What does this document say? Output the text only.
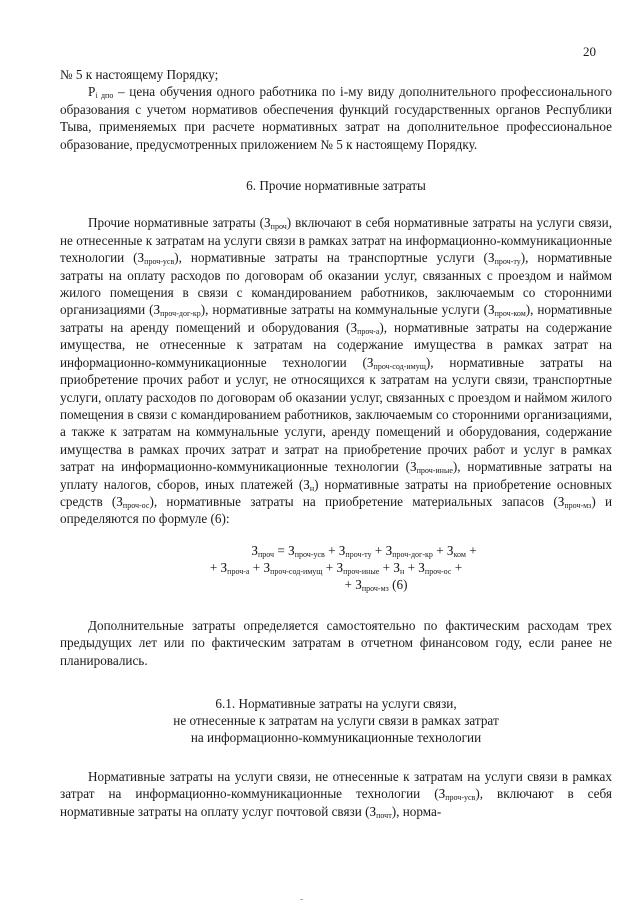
20

№ 5 к настоящему Порядку;

$P_{i дпо}$ – цена обучения одного работника по i-му виду дополнительного профессионального образования с учетом нормативов обеспечения функций государственных органов Республики Тыва, применяемых при расчете нормативных затрат на дополнительное профессиональное образование, предусмотренных приложением № 5 к настоящему Порядку.

6. Прочие нормативные затраты

Прочие нормативные затраты $(З_{проч})$ включают в себя нормативные затраты на услуги связи, не отнесенные к затратам на услуги связи в рамках затрат на информационно-коммуникационные технологии $(З_{проч-усв})$, нормативные затраты на транспортные услуги $(З_{проч-ту})$, нормативные затраты на оплату расходов по договорам об оказании услуг, связанных с проездом и наймом жилого помещения в связи с командированием работников, заключаемым со сторонними организациями $(З_{проч-дог-кр})$, нормативные затраты на коммунальные услуги $(З_{проч-ком})$, нормативные затраты на аренду помещений и оборудования $(З_{проч-а})$, нормативные затраты на содержание имущества, не отнесенные к затратам на содержание имущества в рамках затрат на информационно-коммуникационные технологии $(З_{проч-сод-имущ})$, нормативные затраты на приобретение прочих работ и услуг, не относящихся к затратам на услуги связи, транспортные услуги, оплату расходов по договорам об оказании услуг, связанных с проездом и наймом жилого помещения в связи с командированием работников, заключаемым со сторонними организациями, а также к затратам на коммунальные услуги, аренду помещений и оборудования, содержание имущества в рамках прочих затрат и затрат на приобретение прочих работ и услуг в рамках затрат на информационно-коммуникационные технологии $(З_{проч-иные})$, нормативные затраты на уплату налогов, сборов, иных платежей $(З_н)$ нормативные затраты на приобретение основных средств $(З_{проч-ос})$, нормативные затраты на приобретение материальных запасов $(З_{проч-мз})$ и определяются по формуле (6):

$З_{проч} = З_{проч-усв} + З_{проч-ту} + З_{проч-дог-кр} + З_{ком}$ +
+ $З_{проч-а} + З_{проч-сод-имущ} + З_{проч-иные} + З_н + З_{проч-ос}$ +
+ $З_{проч-мз}$ (6)

Дополнительные затраты определяется самостоятельно по фактическим расходам трех предыдущих лет или по фактическим затратам в отчетном финансовом году, если ранее не планировались.

6.1. Нормативные затраты на услуги связи,
не отнесенные к затратам на услуги связи в рамках затрат
на информационно-коммуникационные технологии

Нормативные затраты на услуги связи, не отнесенные к затратам на услуги связи в рамках затрат на информационно-коммуникационные технологии $(З_{проч-усв})$, включают в себя нормативные затраты на оплату услуг почтовой связи $(З_{почт})$, норма-

-
